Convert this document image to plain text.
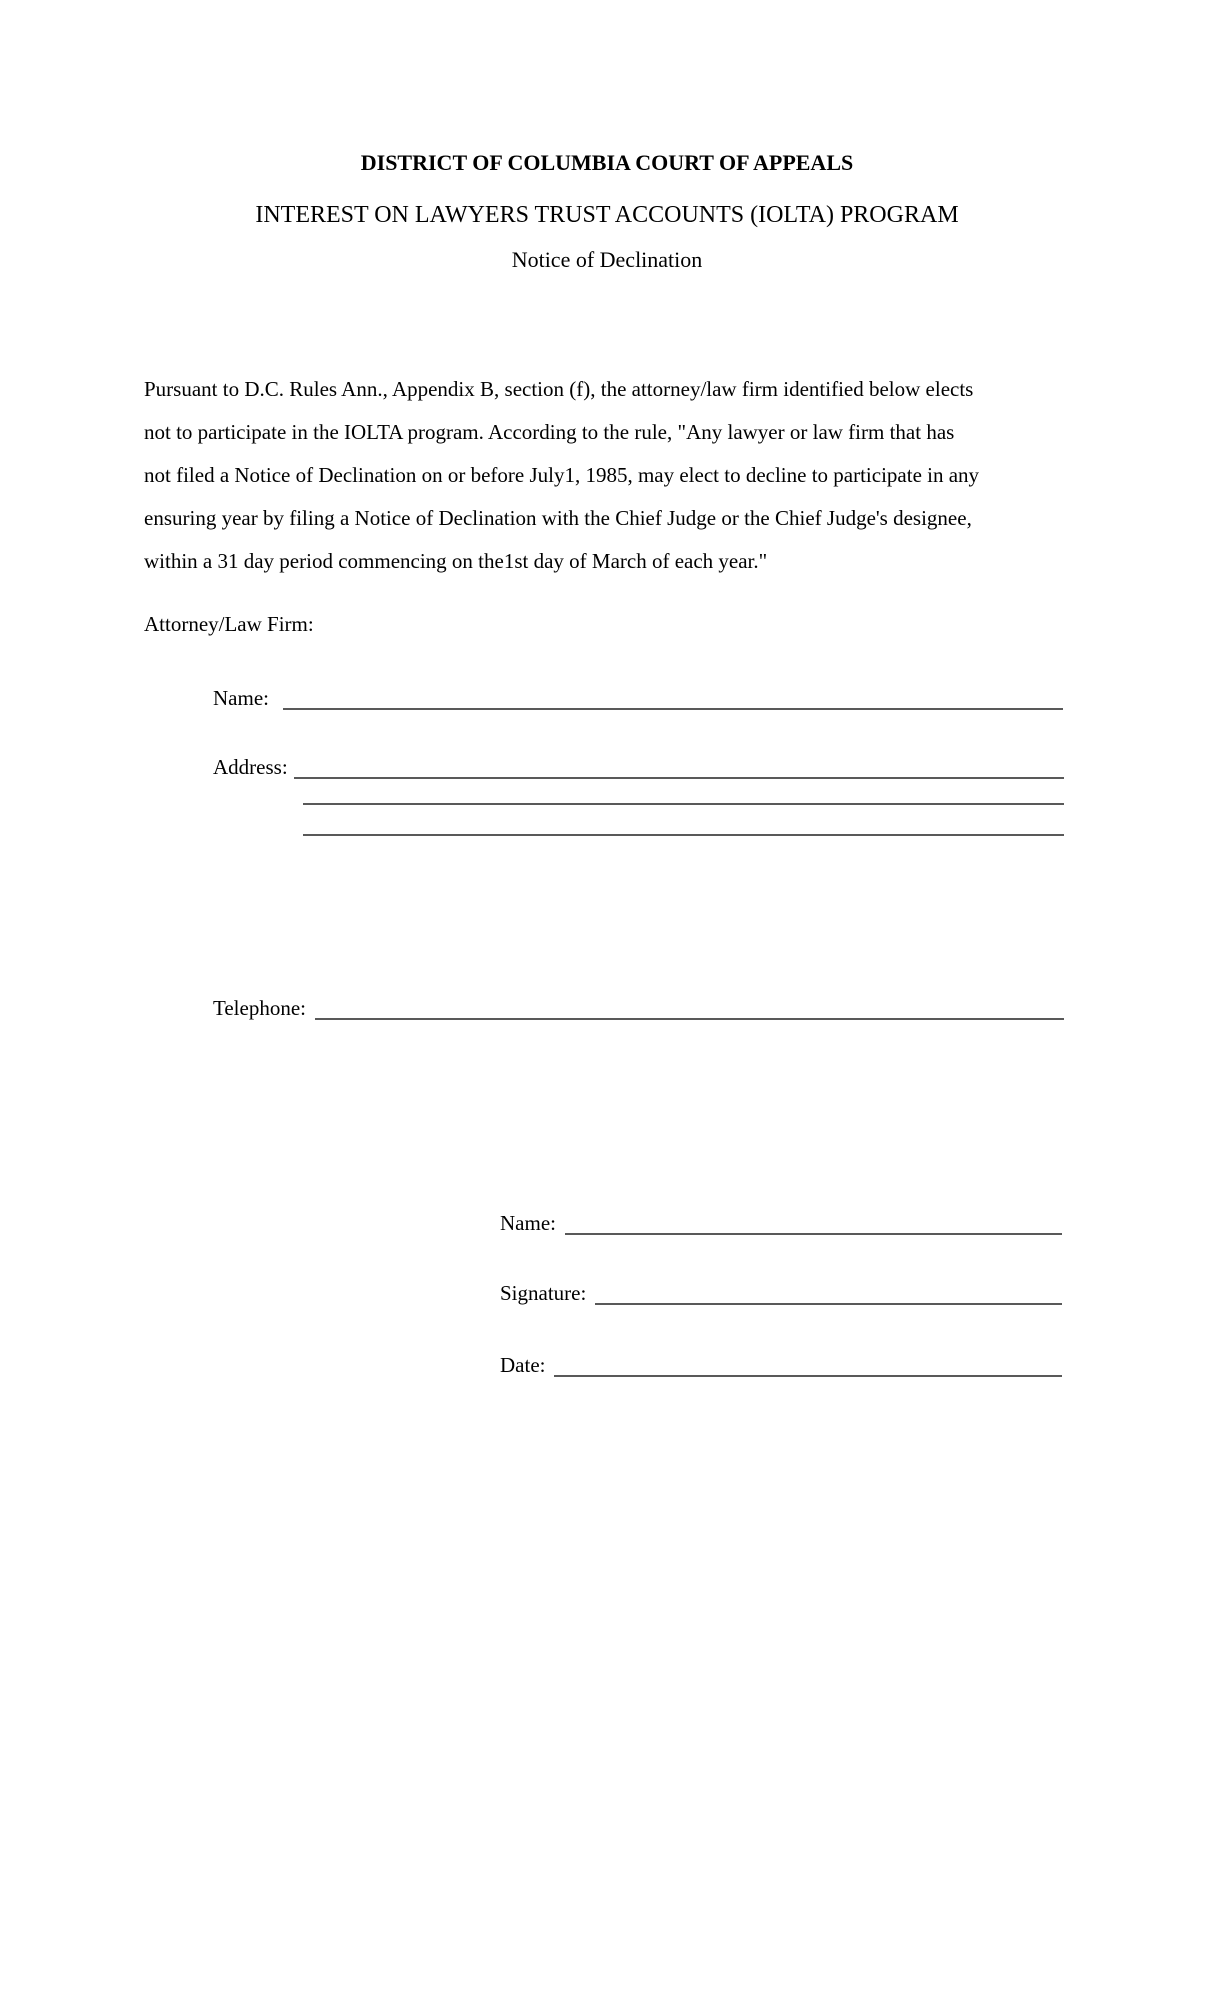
DISTRICT OF COLUMBIA COURT OF APPEALS
INTEREST ON LAWYERS TRUST ACCOUNTS (IOLTA) PROGRAM
Notice of Declination
Pursuant to D.C. Rules Ann., Appendix B, section (f), the attorney/law firm identified below elects
not to participate in the IOLTA program. According to the rule, "Any lawyer or law firm that has
not filed a Notice of Declination on or before July1, 1985, may elect to decline to participate in any
ensuring year by filing a Notice of Declination with the Chief Judge or the Chief Judge's designee,
within a 31 day period commencing on the1st day of March of each year."
Attorney/Law Firm:
Name:
Address:
Telephone:
Name:
Signature:
Date:
